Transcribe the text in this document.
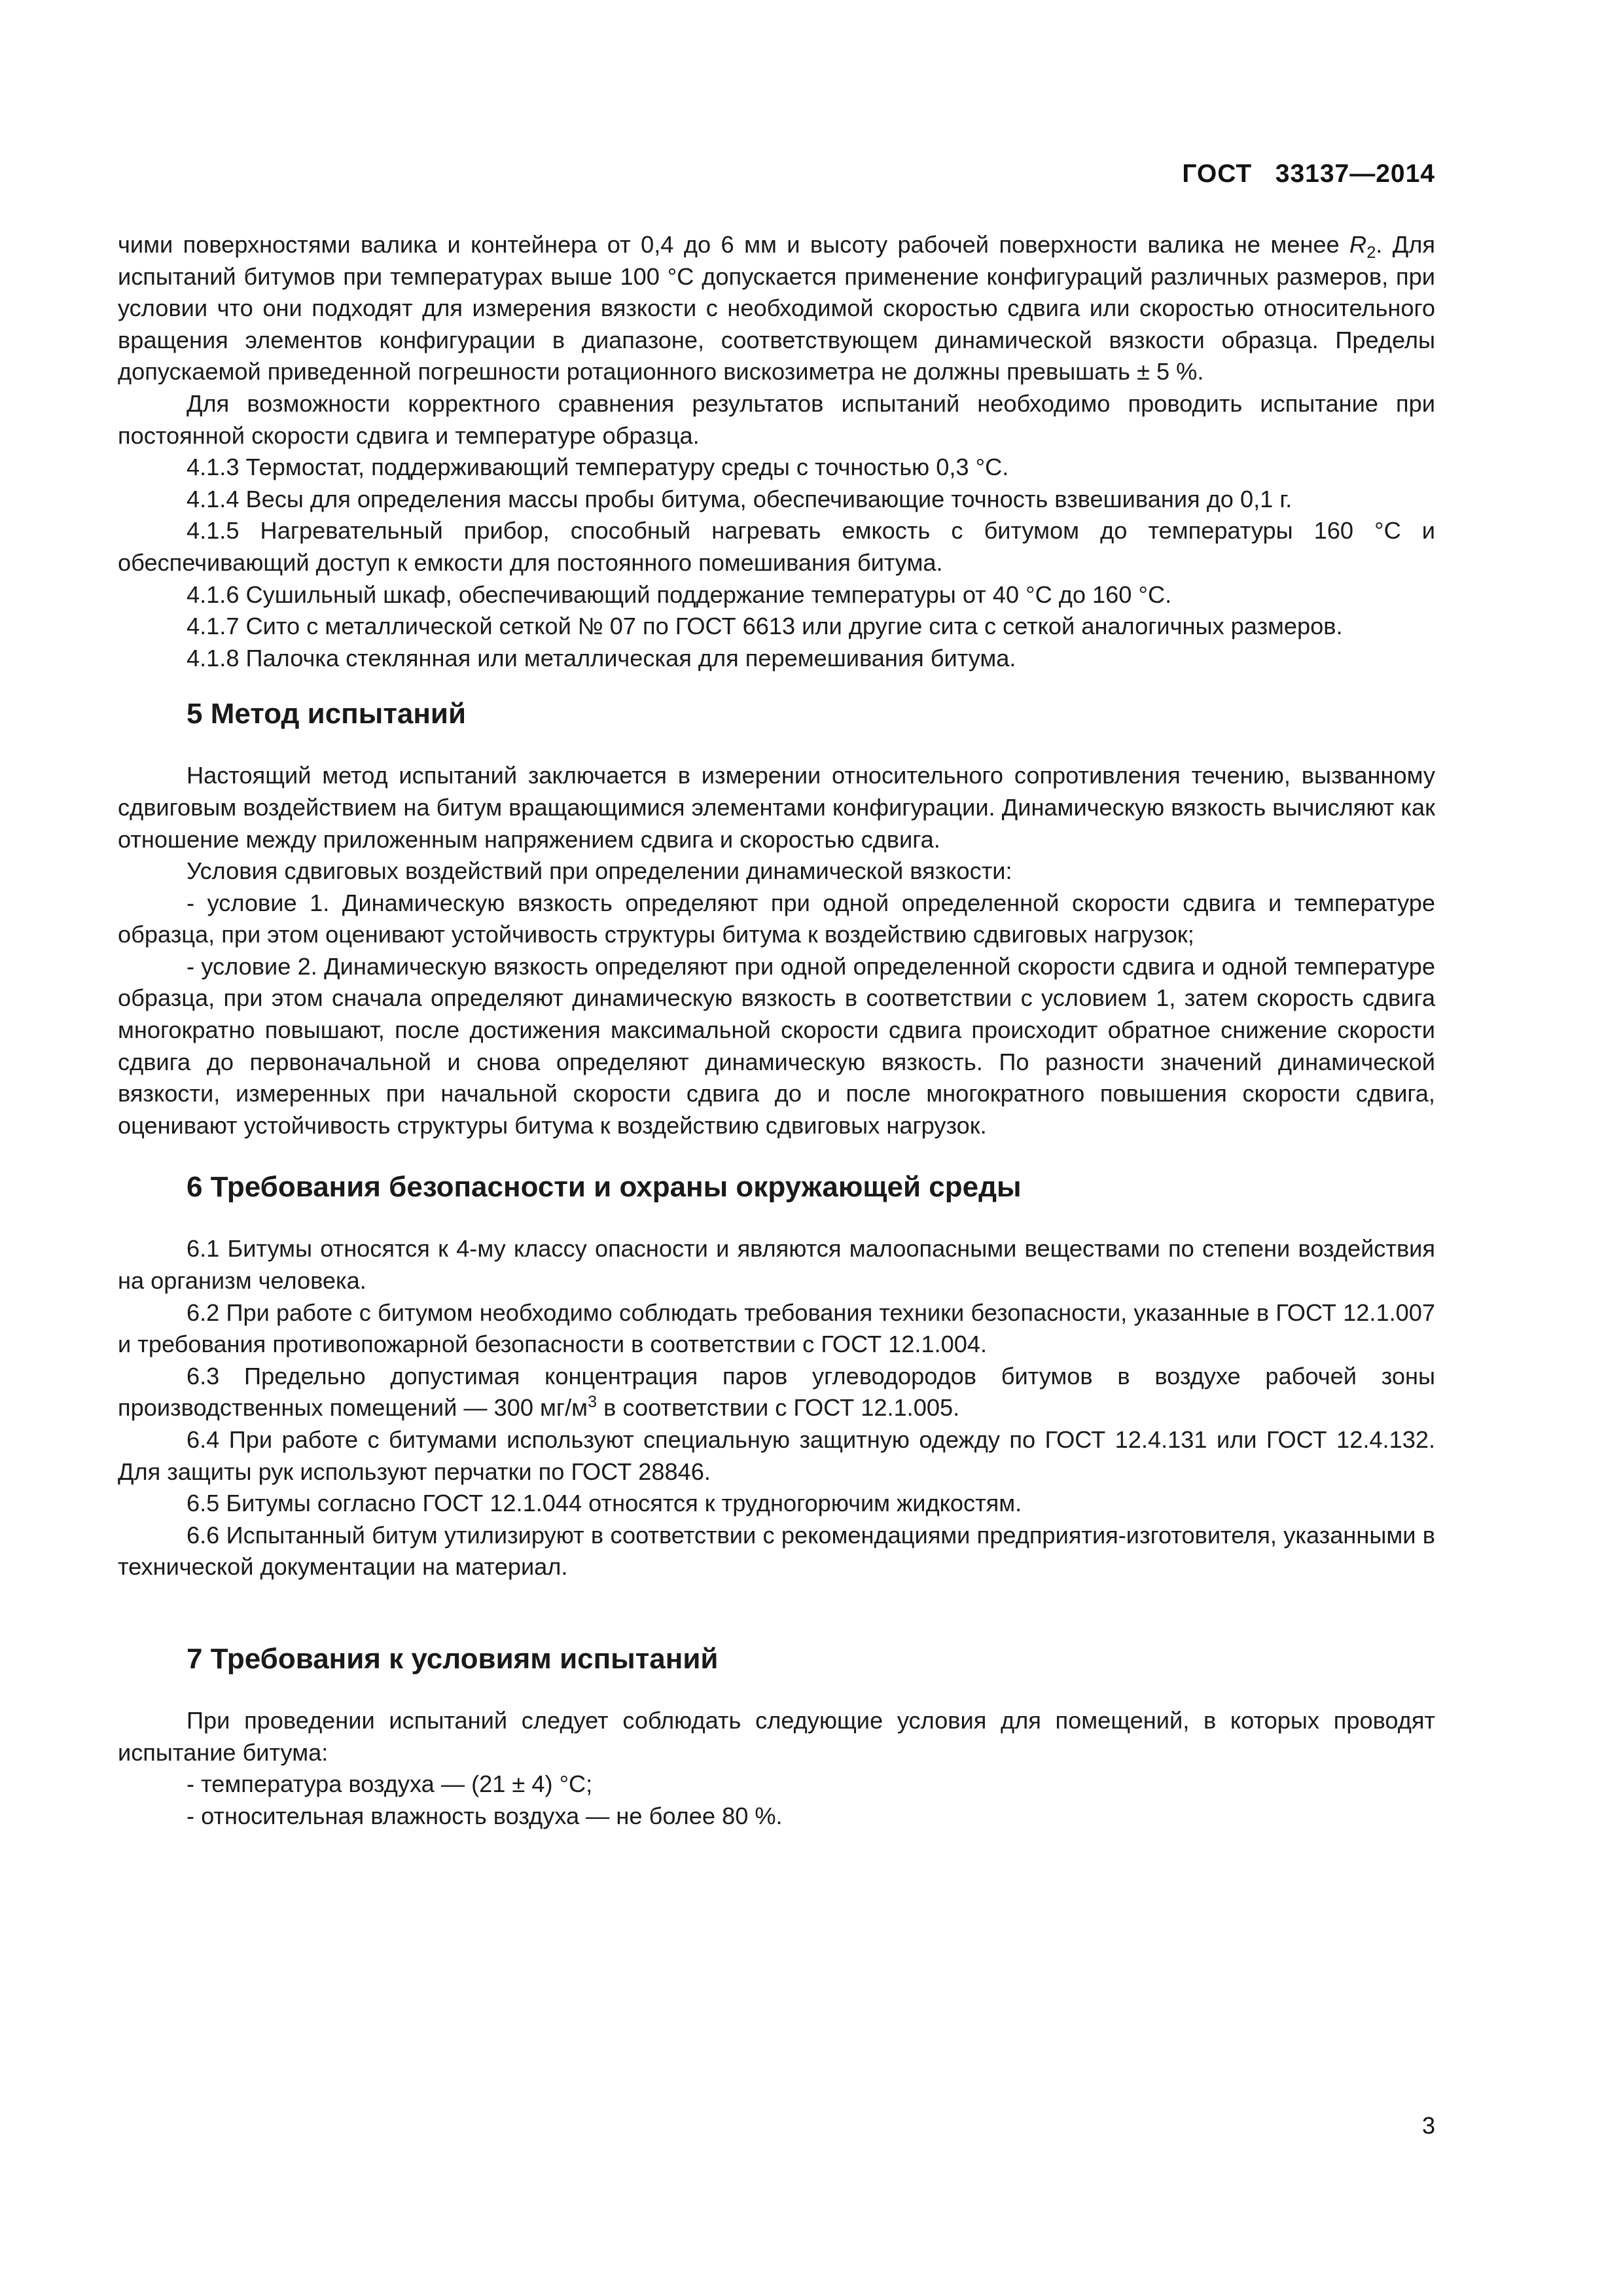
ГОСТ 33137—2014

чими поверхностями валика и контейнера от 0,4 до 6 мм и высоту рабочей поверхности валика не менее $R_2$. Для испытаний битумов при температурах выше 100 °С допускается применение конфигураций различных размеров, при условии что они подходят для измерения вязкости с необходимой скоростью сдвига или скоростью относительного вращения элементов конфигурации в диапазоне, соответствующем динамической вязкости образца. Пределы допускаемой приведенной погрешности ротационного вискозиметра не должны превышать ± 5 %.

Для возможности корректного сравнения результатов испытаний необходимо проводить испытание при постоянной скорости сдвига и температуре образца.

4.1.3 Термостат, поддерживающий температуру среды с точностью 0,3 °С.

4.1.4 Весы для определения массы пробы битума, обеспечивающие точность взвешивания до 0,1 г.

4.1.5 Нагревательный прибор, способный нагревать емкость с битумом до температуры 160 °С и обеспечивающий доступ к емкости для постоянного помешивания битума.

4.1.6 Сушильный шкаф, обеспечивающий поддержание температуры от 40 °С до 160 °С.

4.1.7 Сито с металлической сеткой № 07 по ГОСТ 6613 или другие сита с сеткой аналогичных размеров.

4.1.8 Палочка стеклянная или металлическая для перемешивания битума.

5 Метод испытаний

Настоящий метод испытаний заключается в измерении относительного сопротивления течению, вызванному сдвиговым воздействием на битум вращающимися элементами конфигурации. Динамическую вязкость вычисляют как отношение между приложенным напряжением сдвига и скоростью сдвига.

Условия сдвиговых воздействий при определении динамической вязкости:

- условие 1. Динамическую вязкость определяют при одной определенной скорости сдвига и температуре образца, при этом оценивают устойчивость структуры битума к воздействию сдвиговых нагрузок;

- условие 2. Динамическую вязкость определяют при одной определенной скорости сдвига и одной температуре образца, при этом сначала определяют динамическую вязкость в соответствии с условием 1, затем скорость сдвига многократно повышают, после достижения максимальной скорости сдвига происходит обратное снижение скорости сдвига до первоначальной и снова определяют динамическую вязкость. По разности значений динамической вязкости, измеренных при начальной скорости сдвига до и после многократного повышения скорости сдвига, оценивают устойчивость структуры битума к воздействию сдвиговых нагрузок.

6 Требования безопасности и охраны окружающей среды

6.1 Битумы относятся к 4-му классу опасности и являются малоопасными веществами по степени воздействия на организм человека.

6.2 При работе с битумом необходимо соблюдать требования техники безопасности, указанные в ГОСТ 12.1.007 и требования противопожарной безопасности в соответствии с ГОСТ 12.1.004.

6.3 Предельно допустимая концентрация паров углеводородов битумов в воздухе рабочей зоны производственных помещений — 300 $мг/м^3$ в соответствии с ГОСТ 12.1.005.

6.4 При работе с битумами используют специальную защитную одежду по ГОСТ 12.4.131 или ГОСТ 12.4.132. Для защиты рук используют перчатки по ГОСТ 28846.

6.5 Битумы согласно ГОСТ 12.1.044 относятся к трудногорючим жидкостям.

6.6 Испытанный битум утилизируют в соответствии с рекомендациями предприятия-изготовителя, указанными в технической документации на материал.

7 Требования к условиям испытаний

При проведении испытаний следует соблюдать следующие условия для помещений, в которых проводят испытание битума:

- температура воздуха — (21 ± 4) °С;

- относительная влажность воздуха — не более 80 %.

3
